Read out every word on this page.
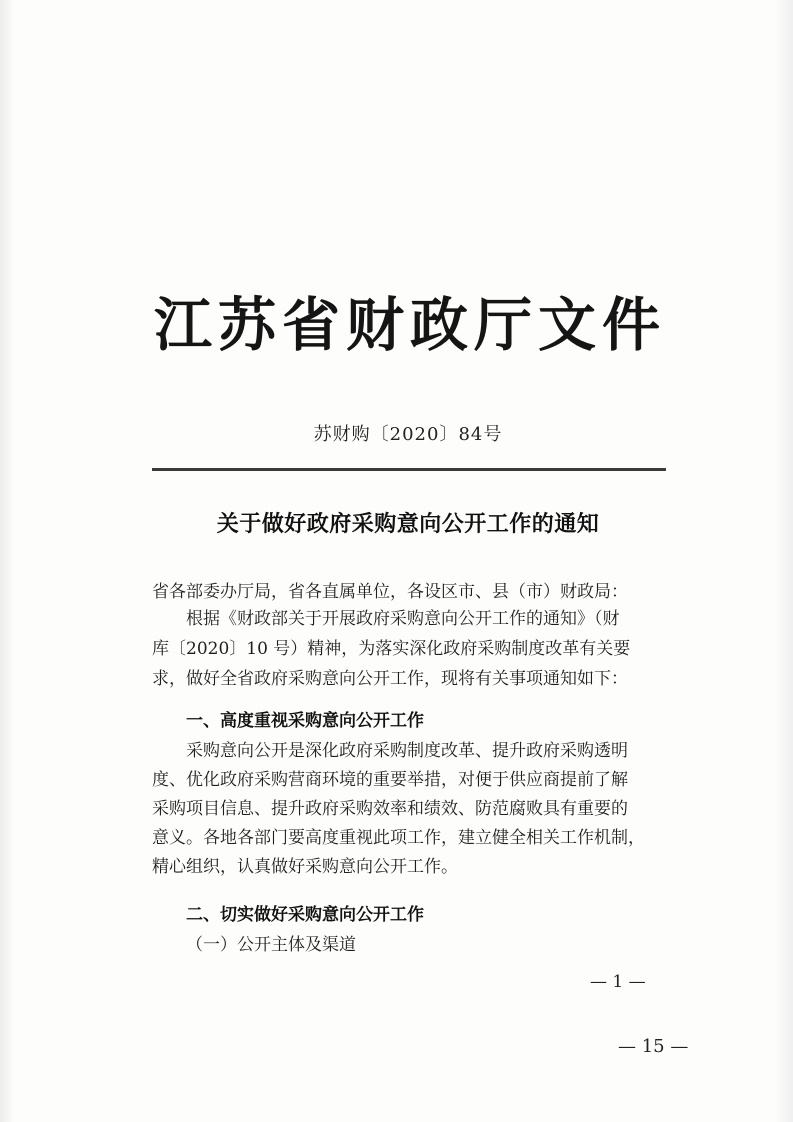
江苏省财政厅文件
苏财购〔2020〕84号
关于做好政府采购意向公开工作的通知
省各部委办厅局，省各直属单位，各设区市、县（市）财政局：
根据《财政部关于开展政府采购意向公开工作的通知》（财
库〔2020〕10 号）精神，为落实深化政府采购制度改革有关要
求，做好全省政府采购意向公开工作，现将有关事项通知如下：
一、高度重视采购意向公开工作
采购意向公开是深化政府采购制度改革、提升政府采购透明
度、优化政府采购营商环境的重要举措，对便于供应商提前了解
采购项目信息、提升政府采购效率和绩效、防范腐败具有重要的
意义。各地各部门要高度重视此项工作，建立健全相关工作机制，
精心组织，认真做好采购意向公开工作。
二、切实做好采购意向公开工作
（一）公开主体及渠道
— 1 —
— 15 —
